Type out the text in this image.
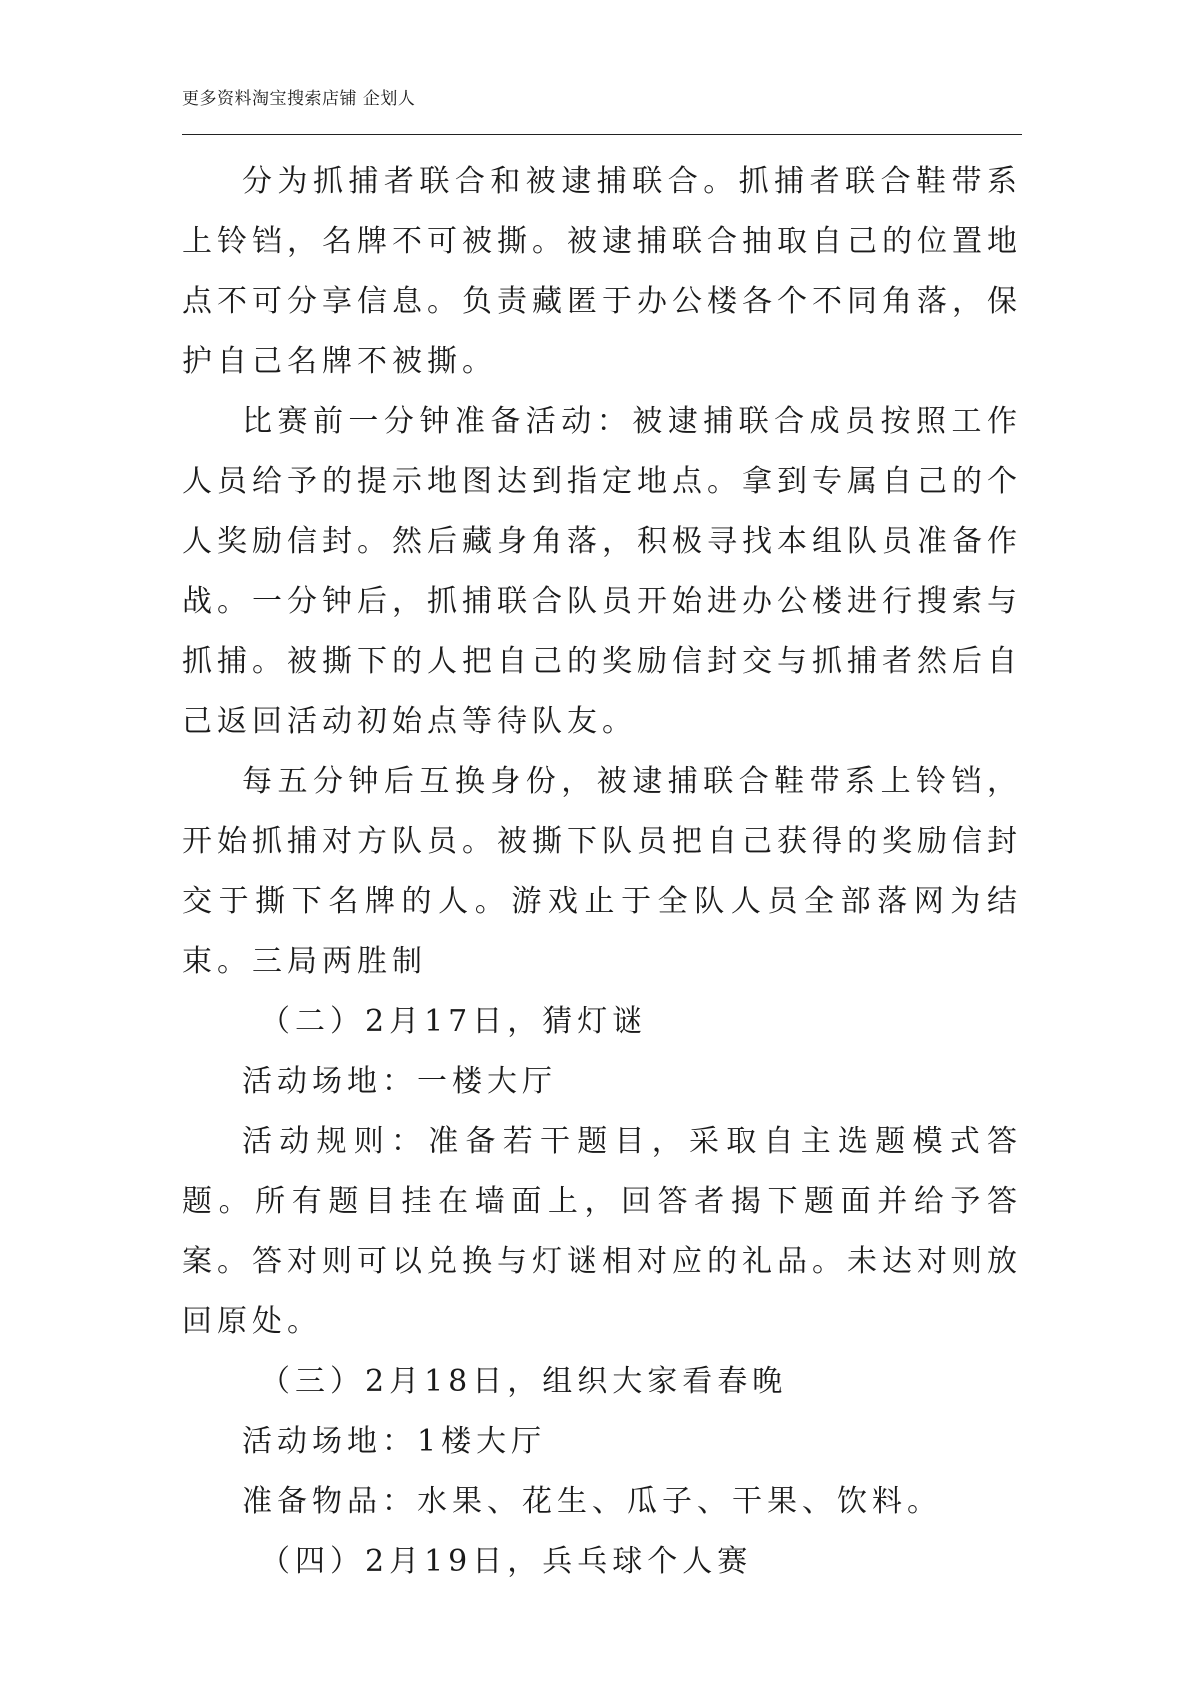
更多资料淘宝搜索店铺 企划人

分为抓捕者联合和被逮捕联合。抓捕者联合鞋带系上铃铛，名牌不可被撕。被逮捕联合抽取自己的位置地点不可分享信息。负责藏匿于办公楼各个不同角落，保护自己名牌不被撕。

比赛前一分钟准备活动：被逮捕联合成员按照工作人员给予的提示地图达到指定地点。拿到专属自己的个人奖励信封。然后藏身角落，积极寻找本组队员准备作战。一分钟后，抓捕联合队员开始进办公楼进行搜索与抓捕。被撕下的人把自己的奖励信封交与抓捕者然后自己返回活动初始点等待队友。

每五分钟后互换身份，被逮捕联合鞋带系上铃铛，开始抓捕对方队员。被撕下队员把自己获得的奖励信封交于撕下名牌的人。游戏止于全队人员全部落网为结束。三局两胜制

（二）2月17日，猜灯谜

活动场地：一楼大厅

活动规则：准备若干题目，采取自主选题模式答题。所有题目挂在墙面上，回答者揭下题面并给予答案。答对则可以兑换与灯谜相对应的礼品。未达对则放回原处。

（三）2月18日，组织大家看春晚

活动场地：1楼大厅

准备物品：水果、花生、瓜子、干果、饮料。

（四）2月19日，兵乓球个人赛
